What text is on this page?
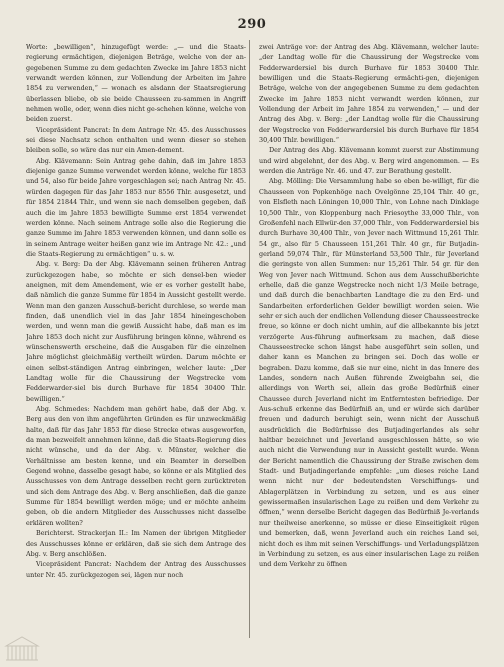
290

Worte: „bewilligen“, hinzugefügt werde: „— und die Staats-regierung ermächtigen, diejenigen Beträge, welche von der an-gegebenen Summe zu dem gedachten Zwecke im Jahre 1853 nicht verwandt werden können, zur Vollendung der Arbeiten im Jahre 1854 zu verwenden,“ — wonach es alsdann der Staatsregierung überlassen bliebe, ob sie beide Chausseen zu-sammen in Angriff nehmen wolle, oder, wenn dies nicht ge-schehen könne, welche von beiden zuerst.

Vicepräsident Pancrat: In dem Antrage Nr. 45. des Ausschusses sei diese Nachsatz schon enthalten und wenn dieser so stehen bleiben solle, so wäre das nur ein Amen-dement.

Abg. Klävemann: Sein Antrag gehe dahin, daß im Jahre 1853 diejenige ganze Summe verwendet werden könne, welche für 1853 und 54, also für beide Jahre vorgeschlagen sei; nach Antrag Nr. 45. würden dagegen für das Jahr 1853 nur 8556 Thlr. ausgesetzt, und für 1854 21844 Thlr., und wenn sie nach demselben gegeben, daß auch die im Jahre 1853 bewilligte Summe erst 1854 verwendet werden könne. Nach seinem Antrage solle also die Regierung die ganze Summe im Jahre 1853 verwenden können, und dann solle es in seinem Antrage weiter heißen ganz wie im Antrage Nr. 42.: „und die Staats-Regierung zu ermächtigen“ u. s. w.

Abg. v. Berg: Da der Abg. Klävemann seinen früheren Antrag zurückgezogen habe, so möchte er sich densel-ben wieder aneignen, mit dem Amendement, wie er es vorher gestellt habe, daß nämlich die ganze Summe für 1854 in Aussicht gestellt werde. Wenn man den ganzen Ausschuß-bericht durchlese, so werde man finden, daß unendlich viel in das Jahr 1854 hineingeschoben werden, und wenn man die gewiß Aussicht habe, daß man es im Jahre 1853 doch nicht zur Ausführung bringen könne, während es wünschenswerth erscheine, daß die Ausgaben für die einzelnen Jahre möglichst gleichmäßig vertheilt würden. Darum möchte er einen selbst-ständigen Antrag einbringen, welcher laute: „Der Landtag wolle für die Chaussirung der Wegstrecke vom Fedderwarder-siel bis durch Burhave für 1854 30400 Thlr. bewilligen.“

Abg. Schmedes: Nachdem man gehört habe, daß der Abg. v. Berg aus den von ihm angeführten Gründen es für unzweckmäßig halte, daß für das Jahr 1853 für diese Strecke etwas ausgeworfen, da man bezweifelt annehmen könne, daß die Staats-Regierung dies nicht wünsche, und da der Abg. v. Münster, welcher die Verhältnisse am besten kenne, und ein Beamter in derselben Gegend wohne, dasselbe gesagt habe, so könne er als Mitglied des Ausschusses von dem Antrage desselben recht gern zurücktreten und sich dem Antrage des Abg. v. Berg anschließen, daß die ganze Summe für 1854 bewilligt werden möge; und er möchte anheim geben, ob die andern Mitglieder des Ausschusses nicht dasselbe erklären wollten?

Berichterst. Strackerjan II.: Im Namen der übrigen Mitglieder des Ausschusses könne er erklären, daß sie sich dem Antrage des Abg. v. Berg anschlößen.

Vicepräsident Pancrat: Nachdem der Antrag des Ausschusses unter Nr. 45. zurückgezogen sei, lägen nur noch

zwei Anträge vor: der Antrag des Abg. Klävemann, welcher laute: „der Landtag wolle für die Chaussirung der Wegstrecke vom Fedderwardersiel bis durch Burhave für 1853 30400 Thlr. bewilligen und die Staats-Regierung ermächti-gen, diejenigen Beträge, welche von der angegebenen Summe zu dem gedachten Zwecke im Jahre 1853 nicht verwandt werden können, zur Vollendung der Arbeit im Jahre 1854 zu verwenden,“ — und der Antrag des Abg. v. Berg: „der Landtag wolle für die Chaussirung der Wegstrecke von Fedderwardersiel bis durch Burhave für 1854 30,400 Thlr. bewilligen.“

Der Antrag des Abg. Klävemann kommt zuerst zur Abstimmung und wird abgelehnt, der des Abg. v. Berg wird angenommen. — Es werden die Anträge Nr. 46. und 47. zur Berathung gestellt.

Abg. Mölling: Die Versammlung habe so eben be-willigt, für die Chausseen von Popkenhöge nach Ovelgönne 25,104 Thlr. 40 gr., von Elsfleth nach Löningen 10,000 Thlr., von Lohne nach Dinklage 10,500 Thlr., von Kloppenburg nach Friesoythe 33,000 Thlr., von Großenfehl nach Ellwür-den 37,000 Thlr., von Fedderwardersiel bis durch Burhave 30,400 Thlr., von Jever nach Wittmund 15,261 Thlr. 54 gr., also für 5 Chausseen 151,261 Thlr. 40 gr., für Butjadin-gerland 59,074 Thlr., für Münsterland 53,500 Thlr., für Jeverland die geringste von allen Summen: nur 15,261 Thlr. 54 gr. für den Weg von Jever nach Wittmund. Schon aus dem Ausschußberichte erhelle, daß die ganze Wegstrecke noch nicht 1/3 Meile betrage, und daß durch die benachbarten Landtage die zu den Erd- und Sandarbeiten erforderlichen Gelder bewilligt worden seien. Wie sehr er sich auch der endlichen Vollendung dieser Chausseestrecke freue, so könne er doch nicht umhin, auf die allbekannte bis jetzt verzögerte Aus-führung aufmerksam zu machen, daß diese Chausseestrecke schon längst habe ausgeführt sein sollen, und daher kann es Manchen zu bringen sei. Doch das wolle er begraben. Dazu komme, daß sie nur eine, nicht in das Innere des Landes, sondern nach Außen führende Zweigbahn sei, die allerdings von Werth sei, allein das große Bedürfniß einer Chaussee durch Jeverland nicht im Entferntesten befriedige. Der Aus-schuß erkenne das Bedürfniß an, und er würde sich darüber freuen und dadurch beruhigt sein, wenn nicht der Ausschuß ausdrücklich die Bedürfnisse des Butjadingerlandes als sehr haltbar bezeichnet und Jeverland ausgeschlossen hätte, so wie auch nicht die Verwendung nur in Aussicht gestellt wurde. Wenn der Bericht namentlich die Chaussirung der Straße zwischen dem Stadt- und Butjadingerlande empfehle: „um dieses reiche Land wenn nicht nur der bedeutendsten Verschiffungs- und Ablagerplätzen in Verbindung zu setzen, und es aus einer gewissermaßen insularischen Lage zu reißen und dem Verkehr zu öffnen,“ wenn derselbe Bericht dagegen das Bedürfniß Je-verlands nur theilweise anerkenne, so müsse er diese Einseitigkeit rügen und bemerken, daß, wenn Jeverland auch ein reiches Land sei, nicht doch es ihm mit seinen Verschiffungs- und Verladungsplätzen in Verbindung zu setzen, es aus einer insularischen Lage zu reißen und dem Verkehr zu öffnen
